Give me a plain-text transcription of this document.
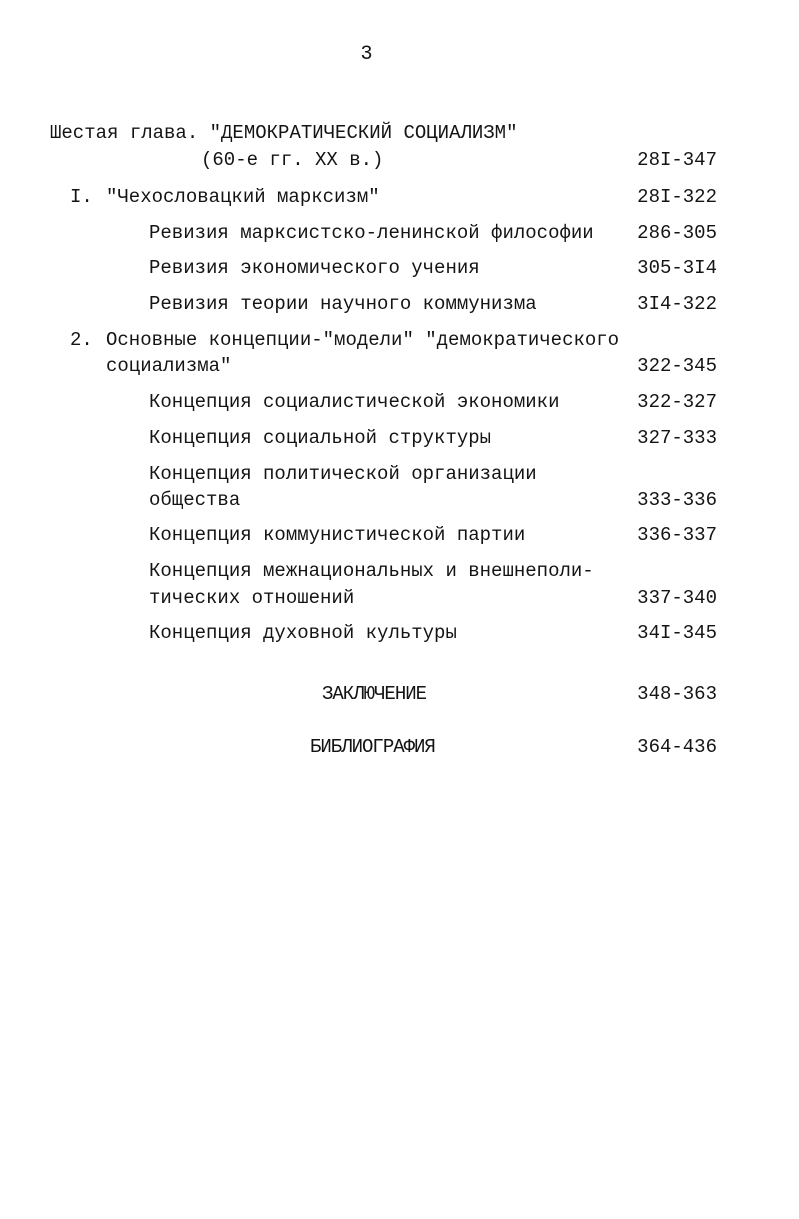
3
Шестая глава. "ДЕМОКРАТИЧЕСКИЙ СОЦИАЛИЗМ"
(60-е гг. XX в.)	28I-347
I. "Чехословацкий марксизм"	28I-322
Ревизия марксистско-ленинской философии	286-305
Ревизия экономического учения	305-3I4
Ревизия теории научного коммунизма	3I4-322
2. Основные концепции-"модели" "демократического
социализма"	322-345
Концепция социалистической экономики	322-327
Концепция социальной структуры	327-333
Концепция политической организации
общества	333-336
Концепция коммунистической партии	336-337
Концепция межнациональных и внешнеполи-
тических отношений	337-340
Концепция духовной культуры	34I-345
ЗАКЛЮЧЕНИЕ	348-363
БИБЛИОГРАФИЯ	364-436
